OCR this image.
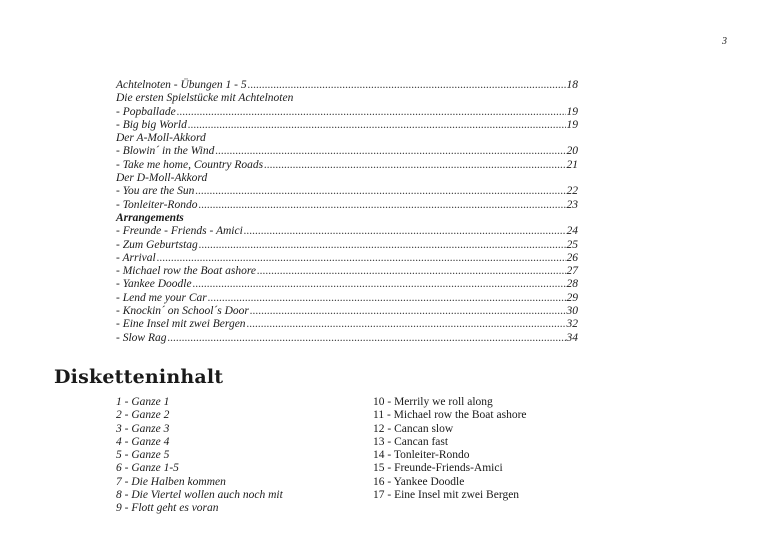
3
Achtelnoten - Übungen 1 - 5 .....	18
Die ersten Spielstücke mit Achtelnoten
- Popballade .....	19
- Big big World .....	19
Der A-Moll-Akkord
- Blowin´ in the Wind .....	20
- Take me home, Country Roads .....	21
Der D-Moll-Akkord
- You are the Sun .....	22
- Tonleiter-Rondo .....	23
Arrangements
- Freunde - Friends - Amici .....	24
- Zum Geburtstag .....	25
- Arrival .....	26
- Michael row the Boat ashore .....	27
- Yankee Doodle .....	28
- Lend me your Car .....	29
- Knockin´ on School´s Door .....	30
- Eine Insel mit zwei Bergen .....	32
- Slow Rag .....	34
Disketteninhalt
1 - Ganze 1
2 - Ganze 2
3 - Ganze 3
4 - Ganze 4
5 - Ganze 5
6 - Ganze 1-5
7 - Die Halben kommen
8 - Die Viertel wollen auch noch mit
9 - Flott geht es voran
10 - Merrily we roll along
11 - Michael row the Boat ashore
12 - Cancan slow
13 - Cancan fast
14 - Tonleiter-Rondo
15 - Freunde-Friends-Amici
16 - Yankee Doodle
17 - Eine Insel mit zwei Bergen
